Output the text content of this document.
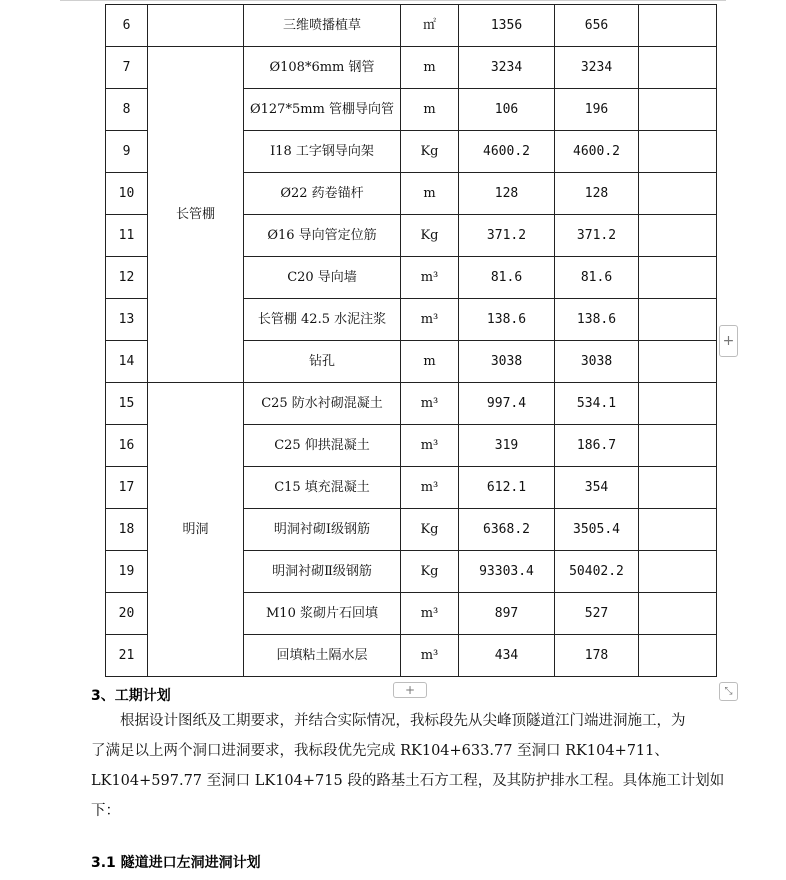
6		三维喷播植草	㎡	1356	656	
7	长管棚	Ø108*6mm 钢管	m	3234	3234	
8		Ø127*5mm 管棚导向管	m	106	196	
9		I18 工字钢导向架	Kg	4600.2	4600.2	
10		Ø22 药卷锚杆	m	128	128	
11		Ø16 导向管定位筋	Kg	371.2	371.2	
12		C20 导向墙	m³	81.6	81.6	
13		长管棚 42.5 水泥注浆	m³	138.6	138.6	
14		钻孔	m	3038	3038	
15	明洞	C25 防水衬砌混凝土	m³	997.4	534.1	
16		C25 仰拱混凝土	m³	319	186.7	
17		C15 填充混凝土	m³	612.1	354	
18		明洞衬砌Ⅰ级钢筋	Kg	6368.2	3505.4	
19		明洞衬砌Ⅱ级钢筋	Kg	93303.4	50402.2	
20		M10 浆砌片石回填	m³	897	527	
21		回填粘土隔水层	m³	434	178	
+
+	⤡
3、工期计划
根据设计图纸及工期要求，并结合实际情况，我标段先从尖峰顶隧道江门端进洞施工，为
了满足以上两个洞口进洞要求，我标段优先完成 RK104+633.77 至洞口 RK104+711、
LK104+597.77 至洞口 LK104+715 段的路基土石方工程，及其防护排水工程。具体施工计划如
下：
3.1 隧道进口左洞进洞计划
